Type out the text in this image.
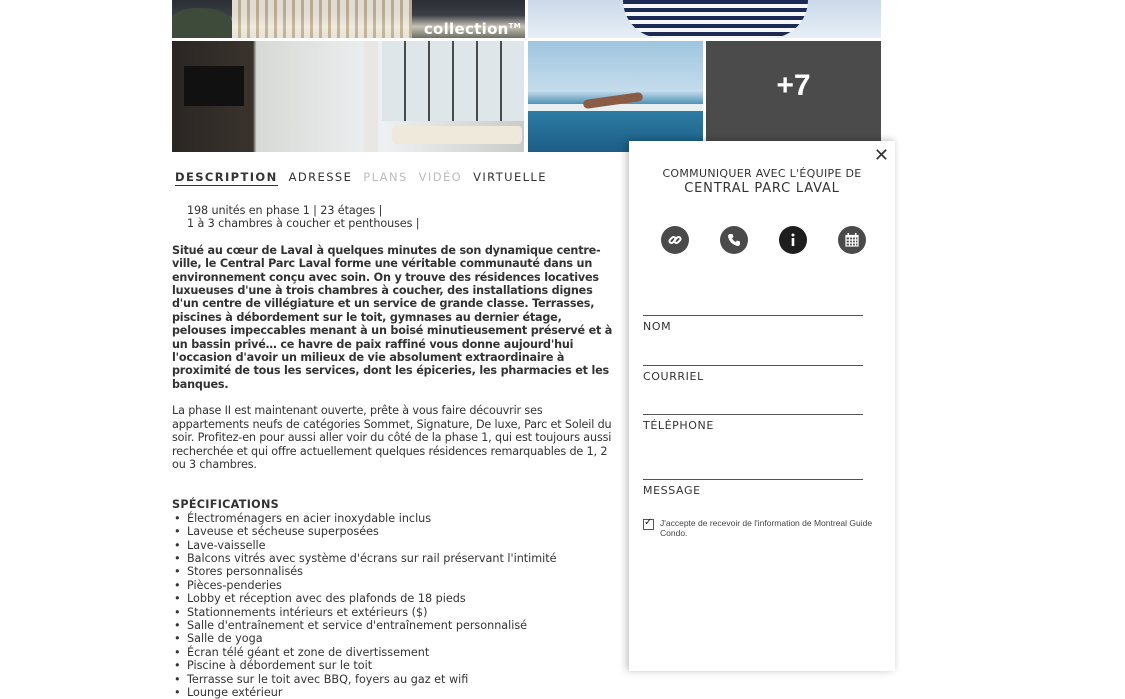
collection™
+7
DESCRIPTION ADRESSE PLANS VIDÉO VIRTUELLE
198 unités en phase 1 | 23 étages |
1 à 3 chambres à coucher et penthouses |

Situé au cœur de Laval à quelques minutes de son dynamique centre-ville, le Central Parc Laval forme une véritable communauté dans un environnement conçu avec soin. On y trouve des résidences locatives luxueuses d'une à trois chambres à coucher, des installations dignes d'un centre de villégiature et un service de grande classe. Terrasses, piscines à débordement sur le toit, gymnases au dernier étage, pelouses impeccables menant à un boisé minutieusement préservé et à un bassin privé… ce havre de paix raffiné vous donne aujourd'hui l'occasion d'avoir un milieux de vie absolument extraordinaire à proximité de tous les services, dont les épiceries, les pharmacies et les banques.

La phase II est maintenant ouverte, prête à vous faire découvrir ses appartements neufs de catégories Sommet, Signature, De luxe, Parc et Soleil du soir. Profitez-en pour aussi aller voir du côté de la phase 1, qui est toujours aussi recherchée et qui offre actuellement quelques résidences remarquables de 1, 2 ou 3 chambres.

SPÉCIFICATIONS
• Électroménagers en acier inoxydable inclus
• Laveuse et sécheuse superposées
• Lave-vaisselle
• Balcons vitrés avec système d'écrans sur rail préservant l'intimité
• Stores personnalisés
• Pièces-penderies
• Lobby et réception avec des plafonds de 18 pieds
• Stationnements intérieurs et extérieurs ($)
• Salle d'entraînement et service d'entraînement personnalisé
• Salle de yoga
• Écran télé géant et zone de divertissement
• Piscine à débordement sur le toit
• Terrasse sur le toit avec BBQ, foyers au gaz et wifi
• Lounge extérieur
✕
COMMUNIQUER AVEC L'ÉQUIPE DE
CENTRAL PARC LAVAL
NOM
COURRIEL
TÉLÉPHONE
MESSAGE
✓
J'accepte de recevoir de l'information de Montreal Guide Condo.
